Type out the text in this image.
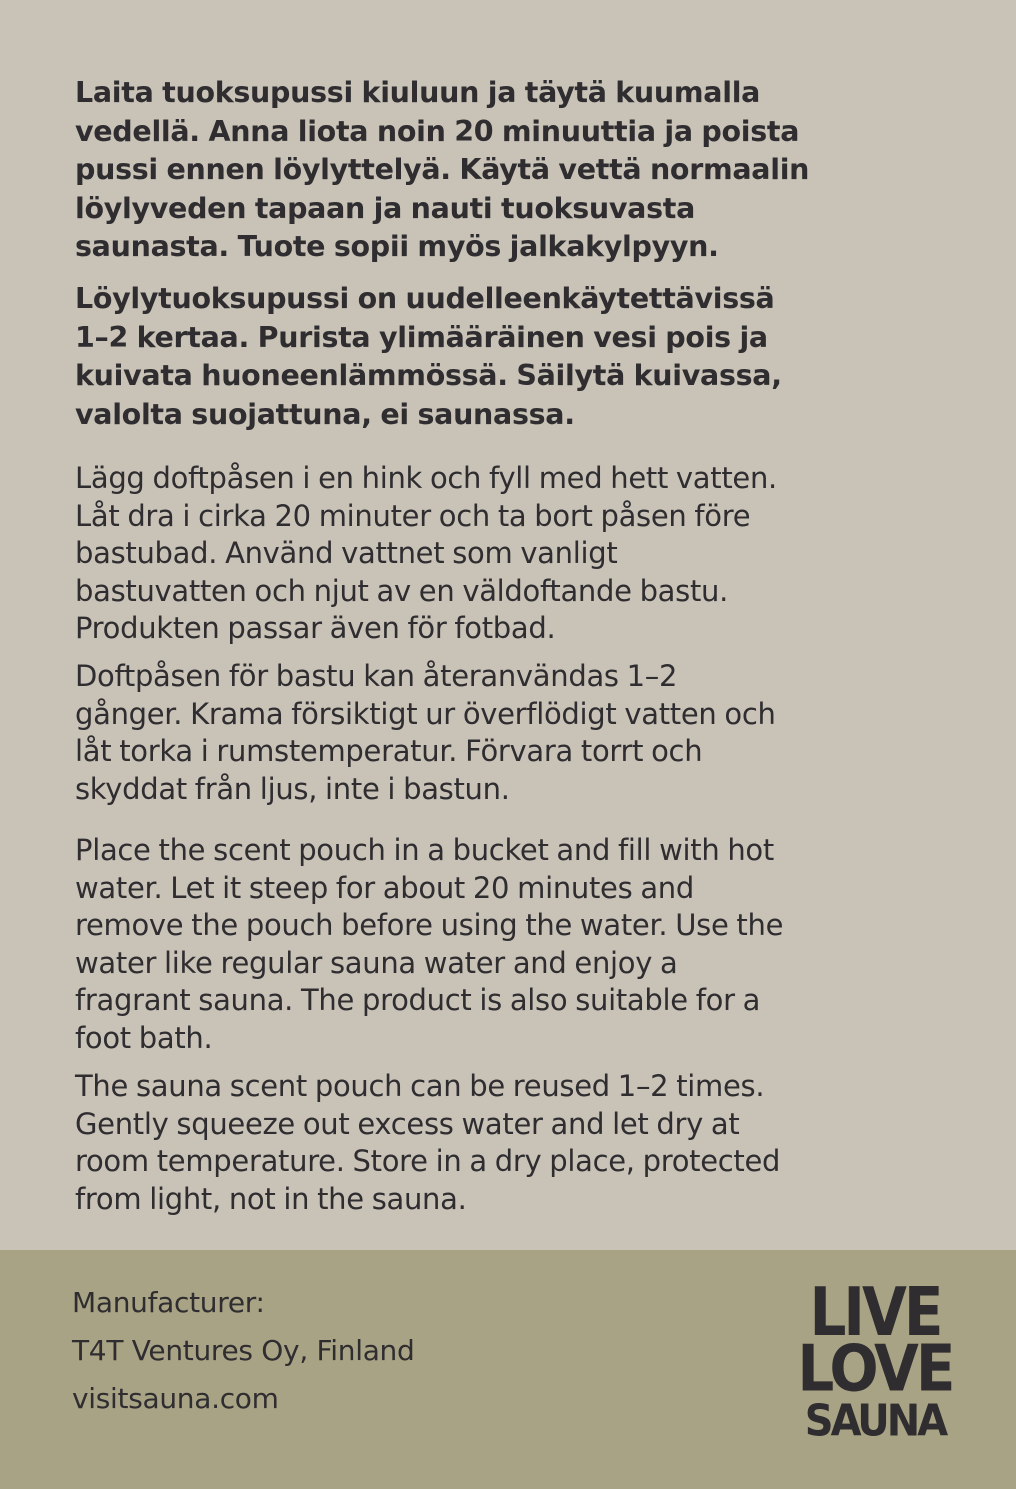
Laita tuoksupussi kiuluun ja täytä kuumalla
vedellä. Anna liota noin 20 minuuttia ja poista
pussi ennen löylyttelyä. Käytä vettä normaalin
löylyveden tapaan ja nauti tuoksuvasta
saunasta. Tuote sopii myös jalkakylpyyn.

Löylytuoksupussi on uudelleenkäytettävissä
1–2 kertaa. Purista ylimääräinen vesi pois ja
kuivata huoneenlämmössä. Säilytä kuivassa,
valolta suojattuna, ei saunassa.

Lägg doftpåsen i en hink och fyll med hett vatten.
Låt dra i cirka 20 minuter och ta bort påsen före
bastubad. Använd vattnet som vanligt
bastuvatten och njut av en väldoftande bastu.
Produkten passar även för fotbad.

Doftpåsen för bastu kan återanvändas 1–2
gånger. Krama försiktigt ur överflödigt vatten och
låt torka i rumstemperatur. Förvara torrt och
skyddat från ljus, inte i bastun.

Place the scent pouch in a bucket and fill with hot
water. Let it steep for about 20 minutes and
remove the pouch before using the water. Use the
water like regular sauna water and enjoy a
fragrant sauna. The product is also suitable for a
foot bath.

The sauna scent pouch can be reused 1–2 times.
Gently squeeze out excess water and let dry at
room temperature. Store in a dry place, protected
from light, not in the sauna.

Manufacturer:

T4T Ventures Oy, Finland

visitsauna.com

LIVE
LOVE
SAUNA
